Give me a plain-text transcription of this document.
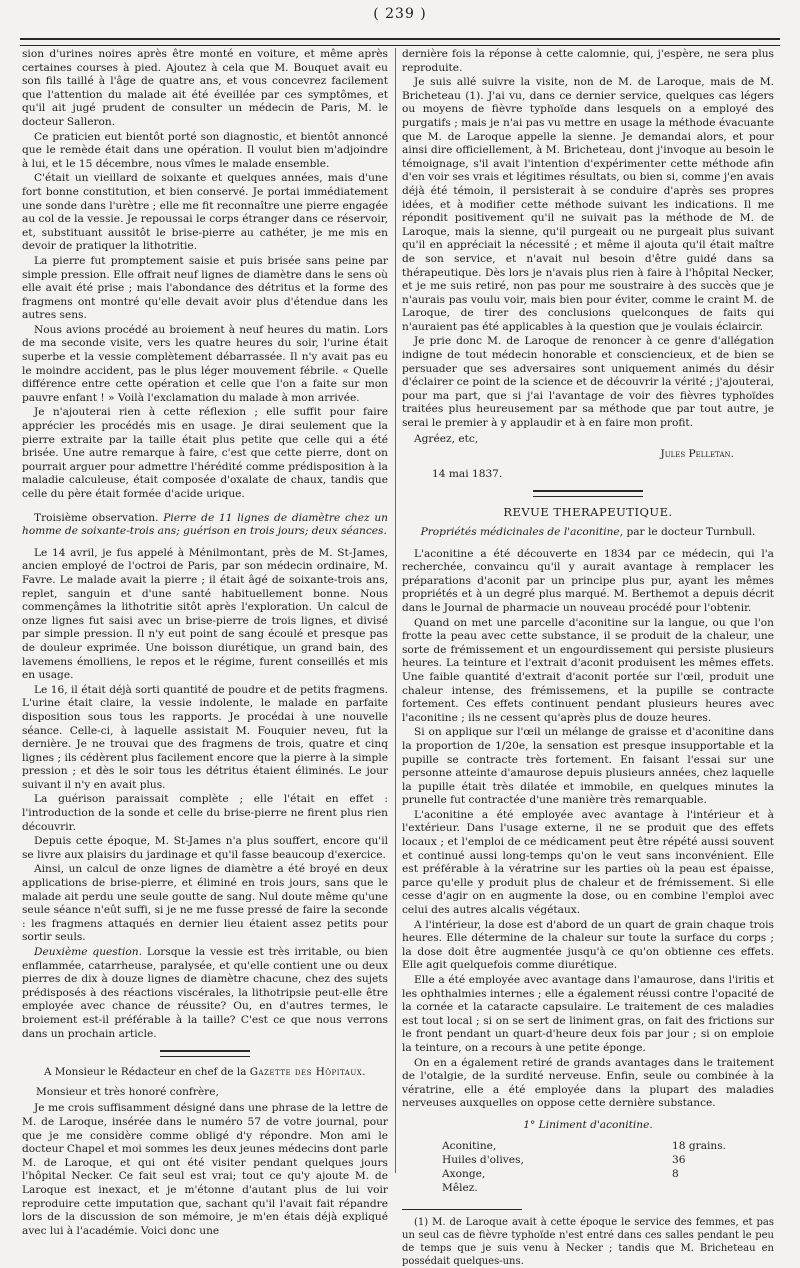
( 239 )

sion d'urines noires après être monté en voiture, et même après certaines courses à pied. Ajoutez à cela que M. Bouquet avait eu son fils taillé à l'âge de quatre ans, et vous concevrez facilement que l'attention du malade ait été éveillée par ces symptômes, et qu'il ait jugé prudent de consulter un médecin de Paris, M. le docteur Salleron.

Ce praticien eut bientôt porté son diagnostic, et bientôt annoncé que le remède était dans une opération. Il voulut bien m'adjoindre à lui, et le 15 décembre, nous vîmes le malade ensemble.

C'était un vieillard de soixante et quelques années, mais d'une fort bonne constitution, et bien conservé. Je portai immédiatement une sonde dans l'urètre ; elle me fit reconnaître une pierre engagée au col de la vessie. Je repoussai le corps étranger dans ce réservoir, et, substituant aussitôt le brise-pierre au cathéter, je me mis en devoir de pratiquer la lithotritie.

La pierre fut promptement saisie et puis brisée sans peine par simple pression. Elle offrait neuf lignes de diamètre dans le sens où elle avait été prise ; mais l'abondance des détritus et la forme des fragmens ont montré qu'elle devait avoir plus d'étendue dans les autres sens.

Nous avions procédé au broiement à neuf heures du matin. Lors de ma seconde visite, vers les quatre heures du soir, l'urine était superbe et la vessie complètement débarrassée. Il n'y avait pas eu le moindre accident, pas le plus léger mouvement fébrile. « Quelle différence entre cette opération et celle que l'on a faite sur mon pauvre enfant ! » Voilà l'exclamation du malade à mon arrivée.

Je n'ajouterai rien à cette réflexion ; elle suffit pour faire apprécier les procédés mis en usage. Je dirai seulement que la pierre extraite par la taille était plus petite que celle qui a été brisée. Une autre remarque à faire, c'est que cette pierre, dont on pourrait arguer pour admettre l'hérédité comme prédisposition à la maladie calculeuse, était composée d'oxalate de chaux, tandis que celle du père était formée d'acide urique.

Troisième observation. Pierre de 11 lignes de diamètre chez un homme de soixante-trois ans; guérison en trois jours; deux séances.

Le 14 avril, je fus appelé à Ménilmontant, près de M. St-James, ancien employé de l'octroi de Paris, par son médecin ordinaire, M. Favre. Le malade avait la pierre ; il était âgé de soixante-trois ans, replet, sanguin et d'une santé habituellement bonne. Nous commençâmes la lithotritie sitôt après l'exploration. Un calcul de onze lignes fut saisi avec un brise-pierre de trois lignes, et divisé par simple pression. Il n'y eut point de sang écoulé et presque pas de douleur exprimée. Une boisson diurétique, un grand bain, des lavemens émolliens, le repos et le régime, furent conseillés et mis en usage.

Le 16, il était déjà sorti quantité de poudre et de petits fragmens. L'urine était claire, la vessie indolente, le malade en parfaite disposition sous tous les rapports. Je procédai à une nouvelle séance. Celle-ci, à laquelle assistait M. Fouquier neveu, fut la dernière. Je ne trouvai que des fragmens de trois, quatre et cinq lignes ; ils cédèrent plus facilement encore que la pierre à la simple pression ; et dès le soir tous les détritus étaient éliminés. Le jour suivant il n'y en avait plus.

La guérison paraissait complète ; elle l'était en effet : l'introduction de la sonde et celle du brise-pierre ne firent plus rien découvrir.

Depuis cette époque, M. St-James n'a plus souffert, encore qu'il se livre aux plaisirs du jardinage et qu'il fasse beaucoup d'exercice.

Ainsi, un calcul de onze lignes de diamètre a été broyé en deux applications de brise-pierre, et éliminé en trois jours, sans que le malade ait perdu une seule goutte de sang. Nul doute même qu'une seule séance n'eût suffi, si je ne me fusse pressé de faire la seconde : les fragmens attaqués en dernier lieu étaient assez petits pour sortir seuls.

Deuxième question. Lorsque la vessie est très irritable, ou bien enflammée, catarrheuse, paralysée, et qu'elle contient une ou deux pierres de dix à douze lignes de diamètre chacune, chez des sujets prédisposés à des réactions viscérales, la lithotripsie peut-elle être employée avec chance de réussite? Ou, en d'autres termes, le broiement est-il préférable à la taille? C'est ce que nous verrons dans un prochain article.

A Monsieur le Rédacteur en chef de la Gazette des Hôpitaux.

Monsieur et très honoré confrère,

Je me crois suffisamment désigné dans une phrase de la lettre de M. de Laroque, insérée dans le numéro 57 de votre journal, pour que je me considère comme obligé d'y répondre. Mon ami le docteur Chapel et moi sommes les deux jeunes médecins dont parle M. de Laroque, et qui ont été visiter pendant quelques jours l'hôpital Necker. Ce fait seul est vrai; tout ce qu'y ajoute M. de Laroque est inexact, et je m'étonne d'autant plus de lui voir reproduire cette imputation que, sachant qu'il l'avait fait répandre lors de la discussion de son mémoire, je m'en étais déjà expliqué avec lui à l'académie. Voici donc une

dernière fois la réponse à cette calomnie, qui, j'espère, ne sera plus reproduite.

Je suis allé suivre la visite, non de M. de Laroque, mais de M. Bricheteau (1). J'ai vu, dans ce dernier service, quelques cas légers ou moyens de fièvre typhoïde dans lesquels on a employé des purgatifs ; mais je n'ai pas vu mettre en usage la méthode évacuante que M. de Laroque appelle la sienne. Je demandai alors, et pour ainsi dire officiellement, à M. Bricheteau, dont j'invoque au besoin le témoignage, s'il avait l'intention d'expérimenter cette méthode afin d'en voir ses vrais et légitimes résultats, ou bien si, comme j'en avais déjà été témoin, il persisterait à se conduire d'après ses propres idées, et à modifier cette méthode suivant les indications. Il me répondit positivement qu'il ne suivait pas la méthode de M. de Laroque, mais la sienne, qu'il purgeait ou ne purgeait plus suivant qu'il en appréciait la nécessité ; et même il ajouta qu'il était maître de son service, et n'avait nul besoin d'être guidé dans sa thérapeutique. Dès lors je n'avais plus rien à faire à l'hôpital Necker, et je me suis retiré, non pas pour me soustraire à des succès que je n'aurais pas voulu voir, mais bien pour éviter, comme le craint M. de Laroque, de tirer des conclusions quelconques de faits qui n'auraient pas été applicables à la question que je voulais éclaircir.

Je prie donc M. de Laroque de renoncer à ce genre d'allégation indigne de tout médecin honorable et consciencieux, et de bien se persuader que ses adversaires sont uniquement animés du désir d'éclairer ce point de la science et de découvrir la vérité ; j'ajouterai, pour ma part, que si j'ai l'avantage de voir des fièvres typhoïdes traitées plus heureusement par sa méthode que par tout autre, je serai le premier à y applaudir et à en faire mon profit.

Agréez, etc,

Jules Pelletan.

14 mai 1837.

REVUE THERAPEUTIQUE.
Propriétés médicinales de l'aconitine, par le docteur Turnbull.

L'aconitine a été découverte en 1834 par ce médecin, qui l'a recherchée, convaincu qu'il y aurait avantage à remplacer les préparations d'aconit par un principe plus pur, ayant les mêmes propriétés et à un degré plus marqué. M. Berthemot a depuis décrit dans le Journal de pharmacie un nouveau procédé pour l'obtenir.

Quand on met une parcelle d'aconitine sur la langue, ou que l'on frotte la peau avec cette substance, il se produit de la chaleur, une sorte de frémissement et un engourdissement qui persiste plusieurs heures. La teinture et l'extrait d'aconit produisent les mêmes effets. Une faible quantité d'extrait d'aconit portée sur l'œil, produit une chaleur intense, des frémissemens, et la pupille se contracte fortement. Ces effets continuent pendant plusieurs heures avec l'aconitine ; ils ne cessent qu'après plus de douze heures.

Si on applique sur l'œil un mélange de graisse et d'aconitine dans la proportion de 1/20e, la sensation est presque insupportable et la pupille se contracte très fortement. En faisant l'essai sur une personne atteinte d'amaurose depuis plusieurs années, chez laquelle la pupille était très dilatée et immobile, en quelques minutes la prunelle fut contractée d'une manière très remarquable.

L'aconitine a été employée avec avantage à l'intérieur et à l'extérieur. Dans l'usage externe, il ne se produit que des effets locaux ; et l'emploi de ce médicament peut être répété aussi souvent et continué aussi long-temps qu'on le veut sans inconvénient. Elle est préférable à la vératrine sur les parties où la peau est épaisse, parce qu'elle y produit plus de chaleur et de frémissement. Si elle cesse d'agir on en augmente la dose, ou en combine l'emploi avec celui des autres alcalis végétaux.

A l'intérieur, la dose est d'abord de un quart de grain chaque trois heures. Elle détermine de la chaleur sur toute la surface du corps ; la dose doit être augmentée jusqu'à ce qu'on obtienne ces effets. Elle agit quelquefois comme diurétique.

Elle a été employée avec avantage dans l'amaurose, dans l'iritis et les ophthalmies internes ; elle a également réussi contre l'opacité de la cornée et la cataracte capsulaire. Le traitement de ces maladies est tout local ; si on se sert de liniment gras, on fait des frictions sur le front pendant un quart-d'heure deux fois par jour ; si on emploie la teinture, on a recours à une petite éponge.

On en a également retiré de grands avantages dans le traitement de l'otalgie, de la surdité nerveuse. Enfin, seule ou combinée à la vératrine, elle a été employée dans la plupart des maladies nerveuses auxquelles on oppose cette dernière substance.

1° Liniment d'aconitine.
Aconitine,	18 grains.
Huiles d'olives,	36
Axonge,	8
Mêlez.

(1) M. de Laroque avait à cette époque le service des femmes, et pas un seul cas de fièvre typhoïde n'est entré dans ces salles pendant le peu de temps que je suis venu à Necker ; tandis que M. Bricheteau en possédait quelques-uns.
